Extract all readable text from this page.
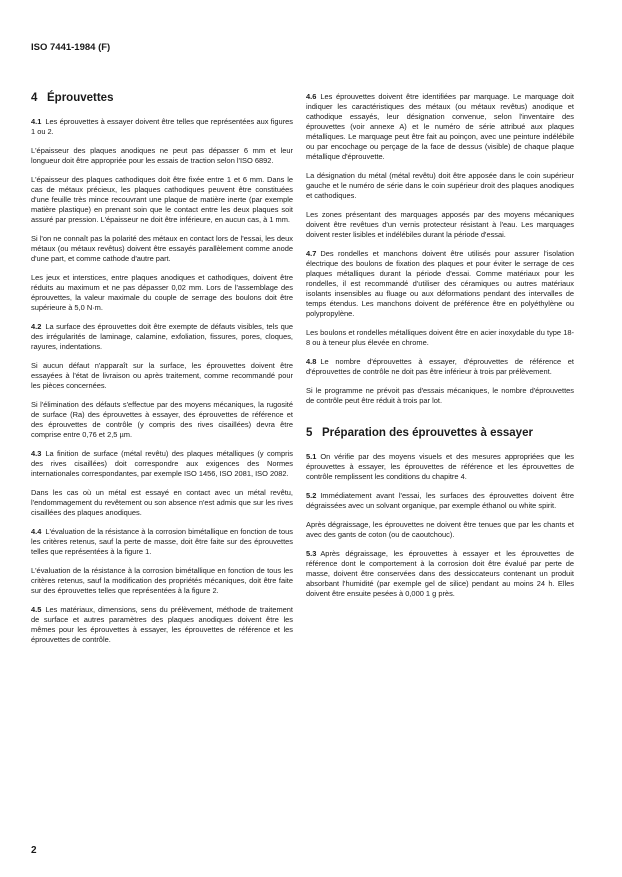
ISO 7441-1984 (F)
4 Éprouvettes

4.1 Les éprouvettes à essayer doivent être telles que représentées aux figures 1 ou 2.

L'épaisseur des plaques anodiques ne peut pas dépasser 6 mm et leur longueur doit être appropriée pour les essais de traction selon l'ISO 6892.

L'épaisseur des plaques cathodiques doit être fixée entre 1 et 6 mm. Dans le cas de métaux précieux, les plaques cathodiques peuvent être constituées d'une feuille très mince recouvrant une plaque de matière inerte (par exemple matière plastique) en prenant soin que le contact entre les deux plaques soit assuré par pression. L'épaisseur ne doit être inférieure, en aucun cas, à 1 mm.

Si l'on ne connaît pas la polarité des métaux en contact lors de l'essai, les deux métaux (ou métaux revêtus) doivent être essayés parallèlement comme anode d'une part, et comme cathode d'autre part.

Les jeux et interstices, entre plaques anodiques et cathodiques, doivent être réduits au maximum et ne pas dépasser 0,02 mm. Lors de l'assemblage des éprouvettes, la valeur maximale du couple de serrage des boulons doit être supérieure à 5,0 N·m.

4.2 La surface des éprouvettes doit être exempte de défauts visibles, tels que des irrégularités de laminage, calamine, exfoliation, fissures, pores, cloques, rayures, indentations.

Si aucun défaut n'apparaît sur la surface, les éprouvettes doivent être essayées à l'état de livraison ou après traitement, comme recommandé pour les pièces concernées.

Si l'élimination des défauts s'effectue par des moyens mécaniques, la rugosité de surface (Ra) des éprouvettes à essayer, des éprouvettes de référence et des éprouvettes de contrôle (y compris des rives cisaillées) devra être comprise entre 0,76 et 2,5 µm.

4.3 La finition de surface (métal revêtu) des plaques métalliques (y compris des rives cisaillées) doit correspondre aux exigences des Normes internationales correspondantes, par exemple ISO 1456, ISO 2081, ISO 2082.

Dans les cas où un métal est essayé en contact avec un métal revêtu, l'endommagement du revêtement ou son absence n'est admis que sur les rives cisaillées des plaques anodiques.

4.4 L'évaluation de la résistance à la corrosion bimétallique en fonction de tous les critères retenus, sauf la perte de masse, doit être faite sur des éprouvettes telles que représentées à la figure 1.

L'évaluation de la résistance à la corrosion bimétallique en fonction de tous les critères retenus, sauf la modification des propriétés mécaniques, doit être faite sur des éprouvettes telles que représentées à la figure 2.

4.5 Les matériaux, dimensions, sens du prélèvement, méthode de traitement de surface et autres paramètres des plaques anodiques doivent être les mêmes pour les éprouvettes à essayer, les éprouvettes de référence et les éprouvettes de contrôle.

4.6 Les éprouvettes doivent être identifiées par marquage. Le marquage doit indiquer les caractéristiques des métaux (ou métaux revêtus) anodique et cathodique essayés, leur désignation convenue, selon l'inventaire des éprouvettes (voir annexe A) et le numéro de série attribué aux plaques métalliques. Le marquage peut être fait au poinçon, avec une peinture indélébile ou par encochage ou perçage de la face de dessus (visible) de chaque plaque métallique d'éprouvette.

La désignation du métal (métal revêtu) doit être apposée dans le coin supérieur gauche et le numéro de série dans le coin supérieur droit des plaques anodiques et cathodiques.

Les zones présentant des marquages apposés par des moyens mécaniques doivent être revêtues d'un vernis protecteur résistant à l'eau. Les marquages doivent rester lisibles et indélébiles durant la période d'essai.

4.7 Des rondelles et manchons doivent être utilisés pour assurer l'isolation électrique des boulons de fixation des plaques et pour éviter le serrage de ces plaques métalliques durant la période d'essai. Comme matériaux pour les rondelles, il est recommandé d'utiliser des céramiques ou autres matériaux isolants insensibles au fluage ou aux déformations pendant des intervalles de temps étendus. Les manchons doivent de préférence être en polyéthylène ou polypropylène.

Les boulons et rondelles métalliques doivent être en acier inoxydable du type 18-8 ou à teneur plus élevée en chrome.

4.8 Le nombre d'éprouvettes à essayer, d'éprouvettes de référence et d'éprouvettes de contrôle ne doit pas être inférieur à trois par prélèvement.

Si le programme ne prévoit pas d'essais mécaniques, le nombre d'éprouvettes de contrôle peut être réduit à trois par lot.

5 Préparation des éprouvettes à essayer

5.1 On vérifie par des moyens visuels et des mesures appropriées que les éprouvettes à essayer, les éprouvettes de référence et les éprouvettes de contrôle remplissent les conditions du chapitre 4.

5.2 Immédiatement avant l'essai, les surfaces des éprouvettes doivent être dégraissées avec un solvant organique, par exemple éthanol ou white spirit.

Après dégraissage, les éprouvettes ne doivent être tenues que par les chants et avec des gants de coton (ou de caoutchouc).

5.3 Après dégraissage, les éprouvettes à essayer et les éprouvettes de référence dont le comportement à la corrosion doit être évalué par perte de masse, doivent être conservées dans des dessiccateurs contenant un produit absorbant l'humidité (par exemple gel de silice) pendant au moins 24 h. Elles doivent être ensuite pesées à 0,000 1 g près.

2
